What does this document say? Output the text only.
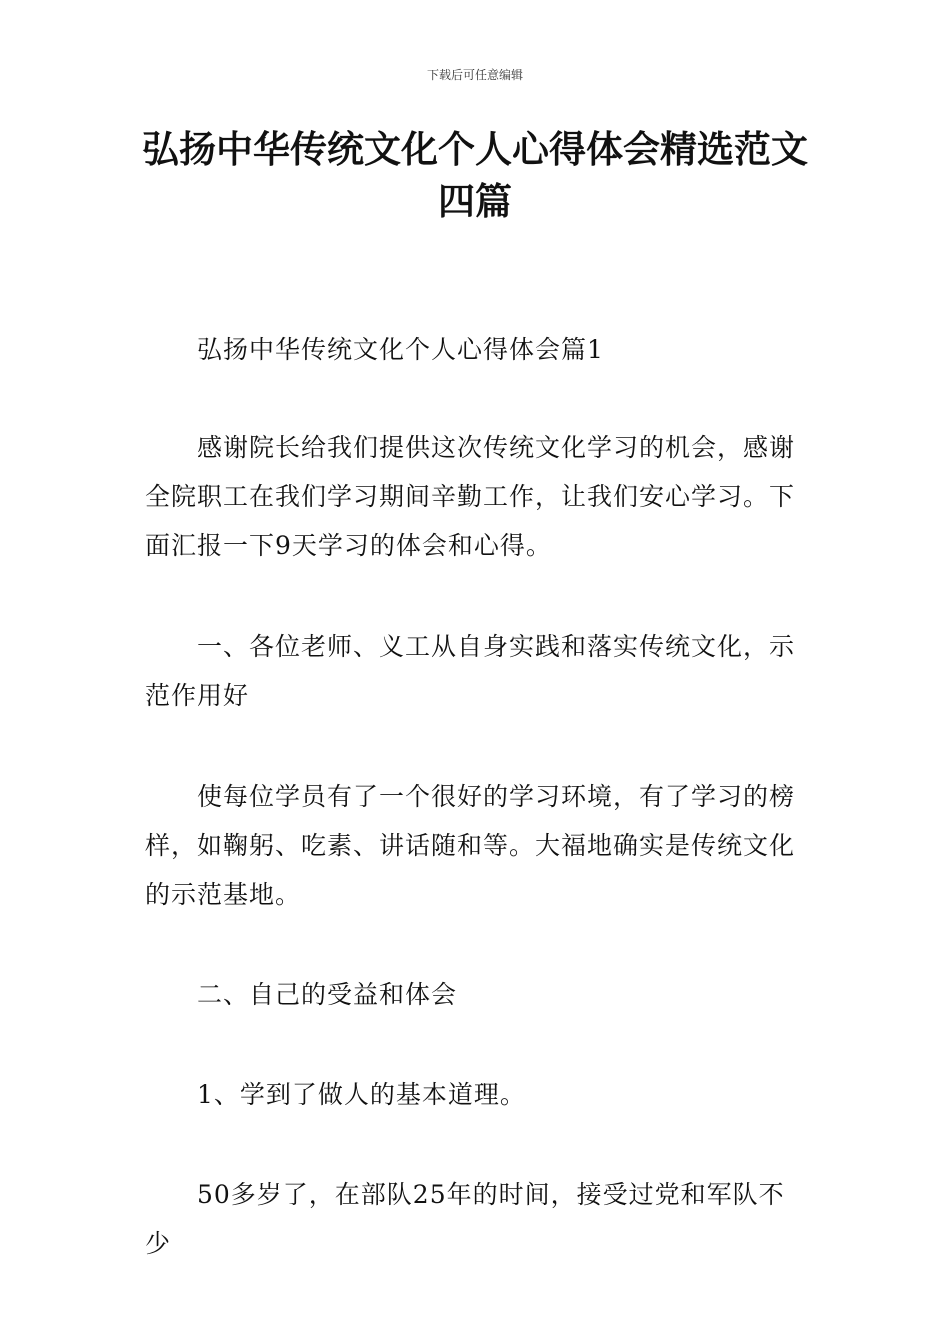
下载后可任意编辑
弘扬中华传统文化个人心得体会精选范文四篇

弘扬中华传统文化个人心得体会篇1

感谢院长给我们提供这次传统文化学习的机会，感谢全院职工在我们学习期间辛勤工作，让我们安心学习。下面汇报一下9天学习的体会和心得。

一、各位老师、义工从自身实践和落实传统文化，示范作用好

使每位学员有了一个很好的学习环境，有了学习的榜样，如鞠躬、吃素、讲话随和等。大福地确实是传统文化的示范基地。

二、自己的受益和体会

1、学到了做人的基本道理。

50多岁了，在部队25年的时间，接受过党和军队不少
